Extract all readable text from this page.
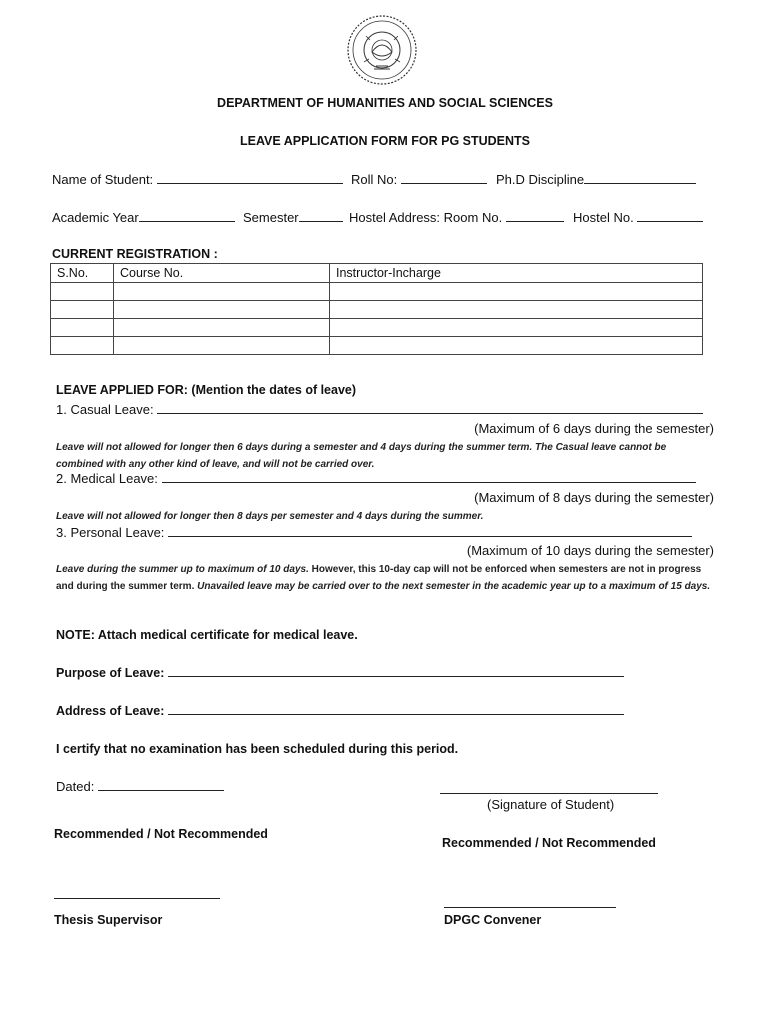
DEPARTMENT OF HUMANITIES AND SOCIAL SCIENCES
LEAVE APPLICATION FORM FOR PG STUDENTS
Name of Student:	Roll No:	Ph.D Discipline
Academic Year	Semester	Hostel Address: Room No.	Hostel No.
CURRENT REGISTRATION :
S.No.	Course No.	Instructor-Incharge

LEAVE APPLIED FOR: (Mention the dates of leave)
1. Casual Leave:
(Maximum of 6 days during the semester)
Leave will not allowed for longer then 6 days during a semester and 4 days during the summer term. The Casual leave cannot be combined with any other kind of leave, and will not be carried over.
2. Medical Leave:
(Maximum of 8 days during the semester)
Leave will not allowed for longer then 8 days per semester and 4 days during the summer.
3. Personal Leave:
(Maximum of 10 days during the semester)
Leave during the summer up to maximum of 10 days. However, this 10-day cap will not be enforced when semesters are not in progress and during the summer term. Unavailed leave may be carried over to the next semester in the academic year up to a maximum of 15 days.
NOTE: Attach medical certificate for medical leave.
Purpose of Leave:
Address of Leave:
I certify that no examination has been scheduled during this period.
Dated:
(Signature of Student)
Recommended / Not Recommended
Recommended / Not Recommended
Thesis Supervisor	DPGC Convener
